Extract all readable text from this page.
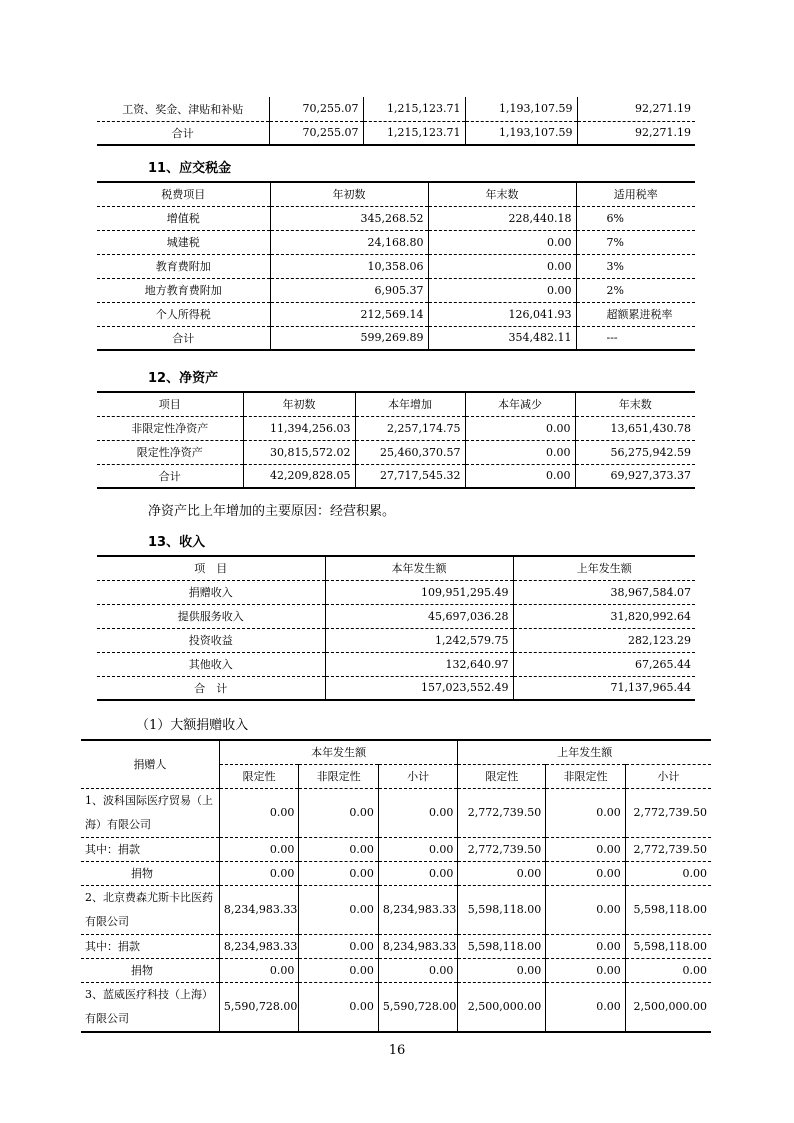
工资、奖金、津贴和补贴	70,255.07	1,215,123.71	1,193,107.59	92,271.19
合计	70,255.07	1,215,123.71	1,193,107.59	92,271.19
11、应交税金
税费项目	年初数	年末数	适用税率
增值税	345,268.52	228,440.18	6%
城建税	24,168.80	0.00	7%
教育费附加	10,358.06	0.00	3%
地方教育费附加	6,905.37	0.00	2%
个人所得税	212,569.14	126,041.93	超额累进税率
合计	599,269.89	354,482.11	---
12、净资产
项目	年初数	本年增加	本年减少	年末数
非限定性净资产	11,394,256.03	2,257,174.75	0.00	13,651,430.78
限定性净资产	30,815,572.02	25,460,370.57	0.00	56,275,942.59
合计	42,209,828.05	27,717,545.32	0.00	69,927,373.37
净资产比上年增加的主要原因：经营积累。
13、收入
项　目	本年发生额	上年发生额
捐赠收入	109,951,295.49	38,967,584.07
提供服务收入	45,697,036.28	31,820,992.64
投资收益	1,242,579.75	282,123.29
其他收入	132,640.97	67,265.44
合　计	157,023,552.49	71,137,965.44
（1）大额捐赠收入
捐赠人	本年发生额			上年发生额		
	限定性	非限定性	小计	限定性	非限定性	小计
1、波科国际医疗贸易（上海）有限公司	0.00	0.00	0.00	2,772,739.50	0.00	2,772,739.50
其中：捐款	0.00	0.00	0.00	2,772,739.50	0.00	2,772,739.50
捐物	0.00	0.00	0.00	0.00	0.00	0.00
2、北京费森尤斯卡比医药有限公司	8,234,983.33	0.00	8,234,983.33	5,598,118.00	0.00	5,598,118.00
其中：捐款	8,234,983.33	0.00	8,234,983.33	5,598,118.00	0.00	5,598,118.00
捐物	0.00	0.00	0.00	0.00	0.00	0.00
3、蓝威医疗科技（上海）有限公司	5,590,728.00	0.00	5,590,728.00	2,500,000.00	0.00	2,500,000.00
16
